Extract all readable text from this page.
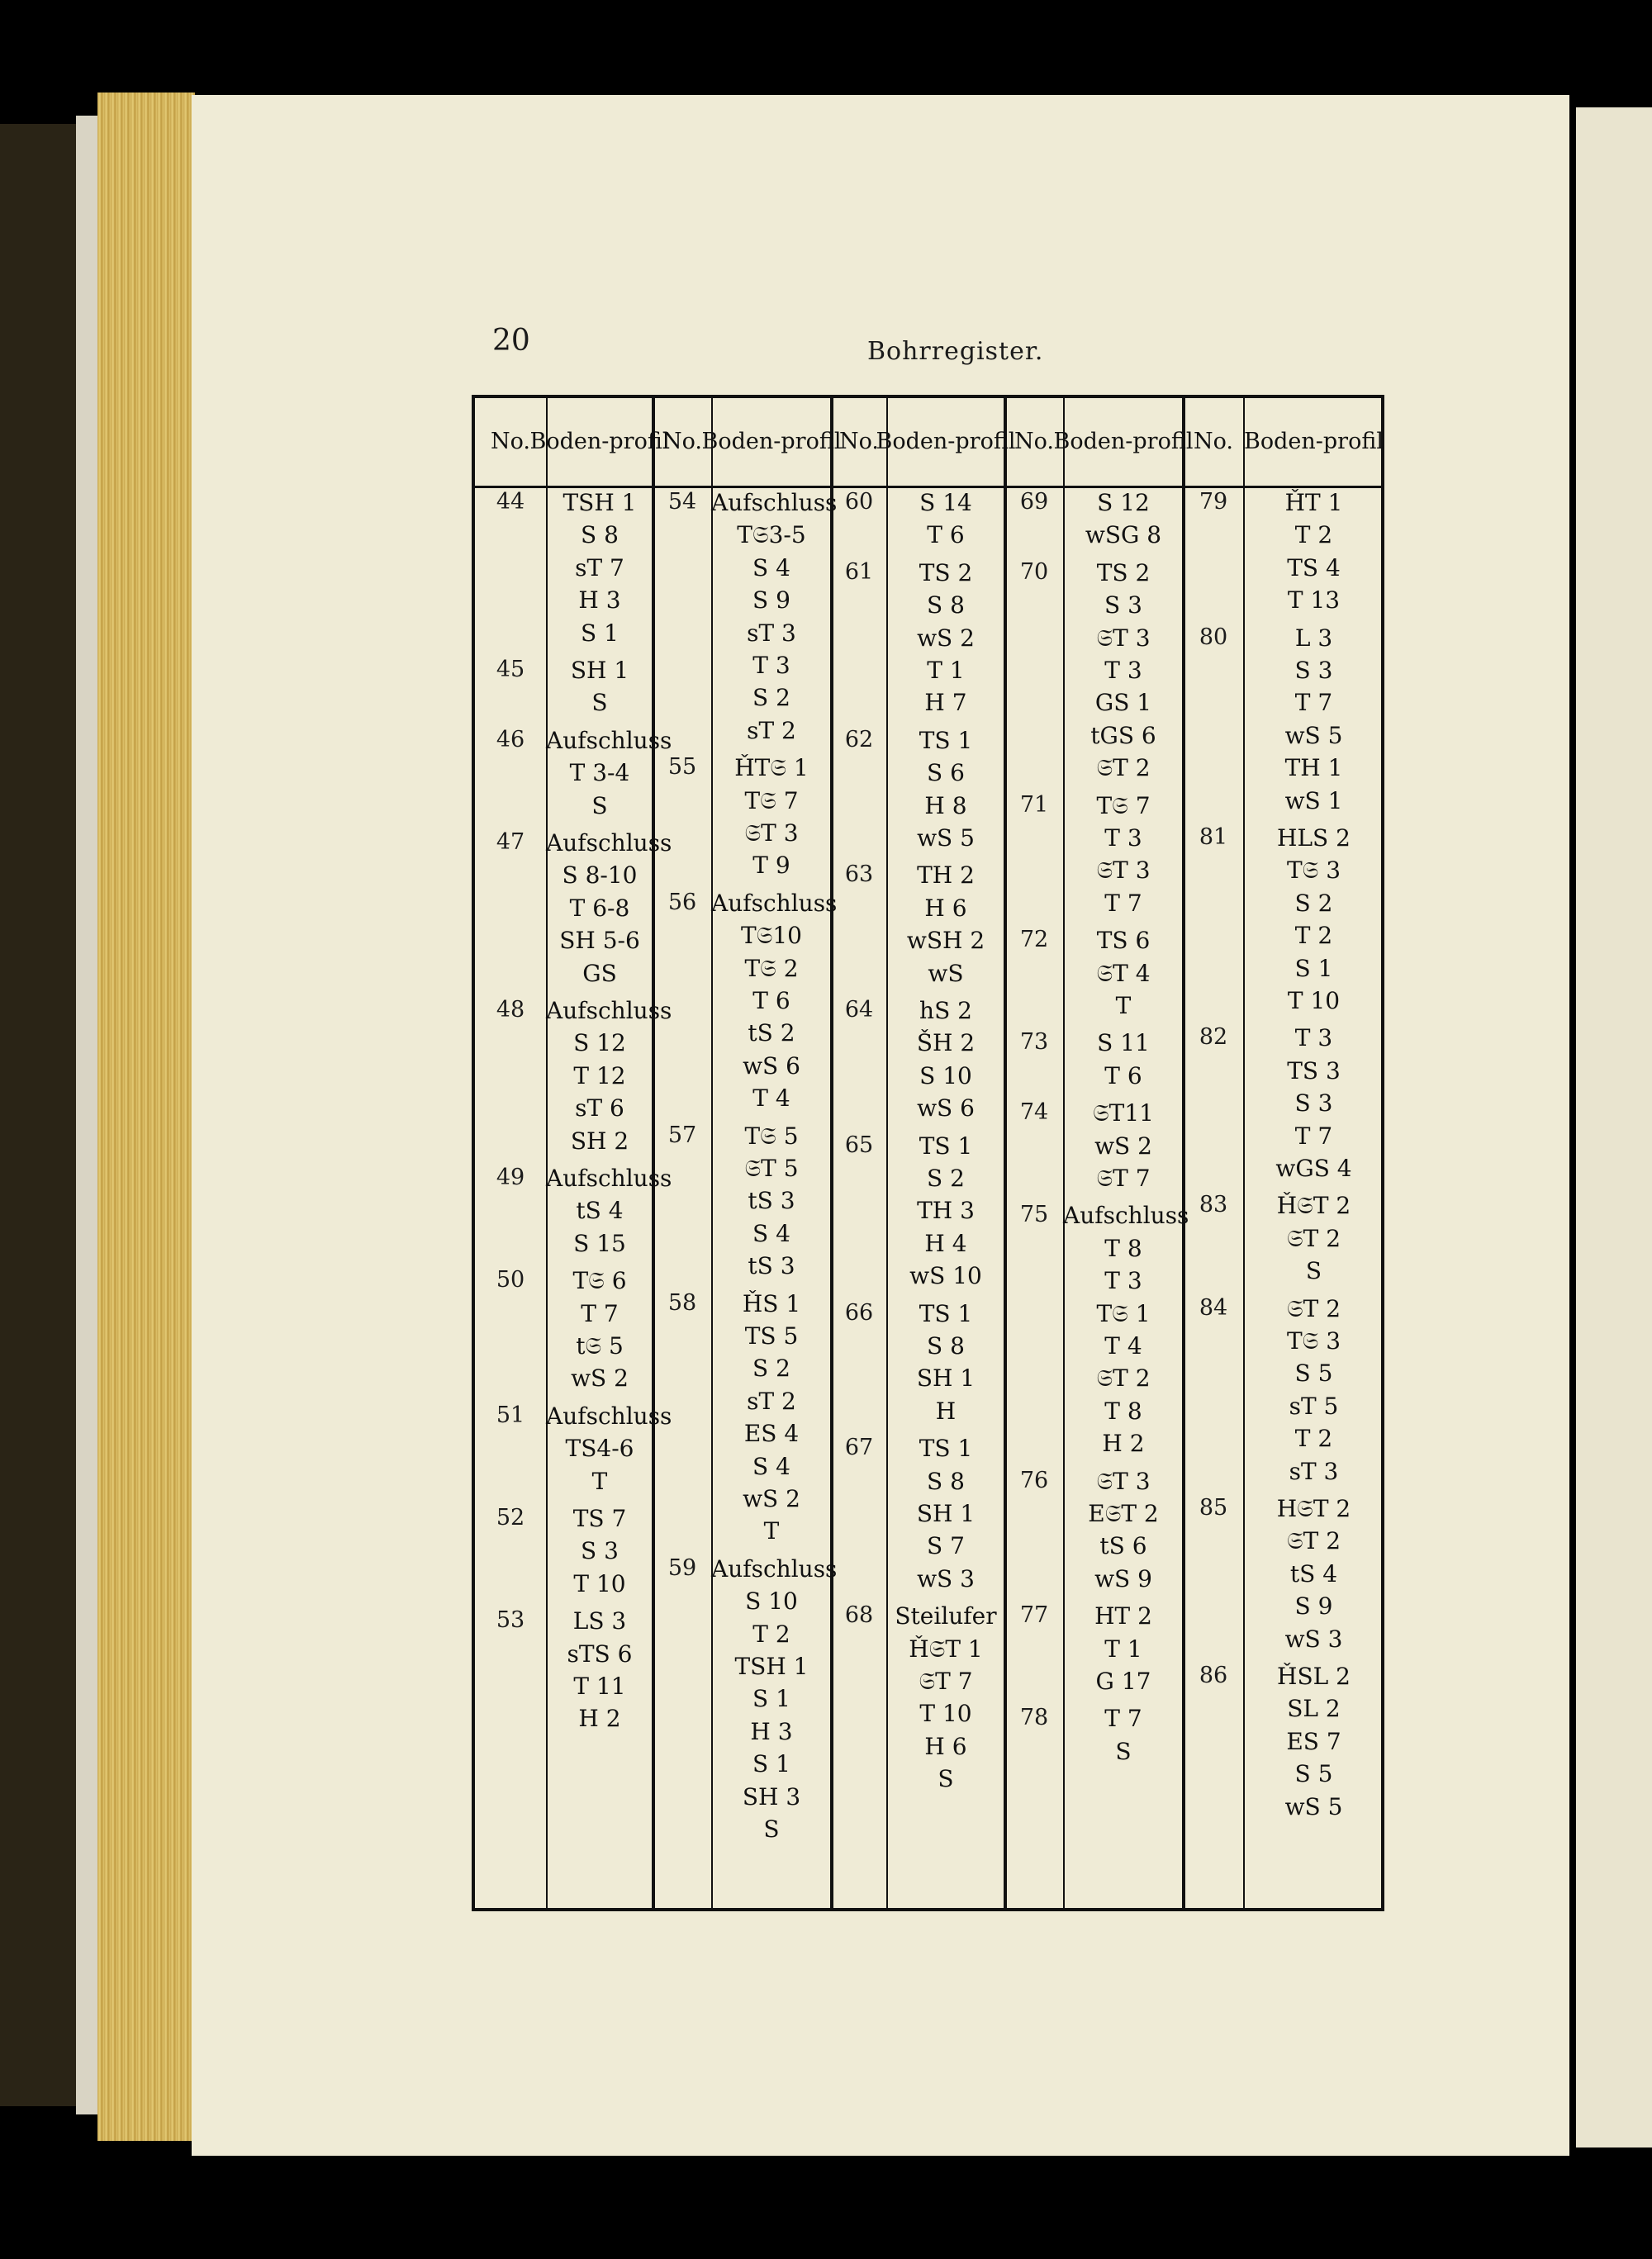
20	Bohrregister.
No. Boden- profil
44	TSH 1
S 8
sT 7
H 3
S 1
45	SH 1
S
46 Aufschluss
T 3-4
S
47 Aufschluss
S 8-10
T 6-8
SH 5-6
GS
48 Aufschluss
S 12
T 12
sT 6
SH 2
49 Aufschluss
tS 4
S 15
50	T𝔖 6
T 7
t𝔖 5
wS 2
51 Aufschluss
TS4-6
T
52	TS 7
S 3
T 10
53	LS 3
sTS 6
T 11
H 2
No. Boden- profil
54 Aufschluss
T𝔖3-5
S 4
S 9
sT 3
T 3
S 2
sT 2
55	ȞT𝔖 1
T𝔖 7
𝔖T 3
T 9
56 Aufschluss
T𝔖10
T𝔖 2
T 6
tS 2
wS 6
T 4
57	T𝔖 5
𝔖T 5
tS 3
S 4
tS 3
58	ȞS 1
TS 5
S 2
sT 2
ES 4
S 4
wS 2
T
59 Aufschluss
S 10
T 2
TSH 1
S 1
H 3
S 1
SH 3
S
No.
Boden- profil
60	S 14
T 6
61	TS 2
S 8
wS 2
T 1
H 7
62	TS 1
S 6
H 8
wS 5
63	TH 2
H 6
wSH 2
wS
64	hS 2
ŠH 2
S 10
wS 6
65	TS 1
S 2
TH 3
H 4
wS 10
66	TS 1
S 8
SH 1
H
67	TS 1
S 8
SH 1
S 7
wS 3
68 Steilufer
Ȟ𝔖T 1
𝔖T 7
T 10
H 6
S
No. Boden- profil
69	S 12
wSG 8
70	TS 2
S 3
𝔖T 3
T 3
GS 1
tGS 6
𝔖T 2
71	T𝔖 7
T 3
𝔖T 3
T 7
72	TS 6
𝔖T 4
T
73	S 11
T 6
74	𝔖T11
wS 2
𝔖T 7
75 Aufschluss
T 8
T 3
T𝔖 1
T 4
𝔖T 2
T 8
H 2
76	𝔖T 3
E𝔖T 2
tS 6
wS 9
77	HT 2
T 1
G 17
78	T 7
S
No. Boden- profil
79	ȞT 1
T 2
TS 4
T 13
80	L 3
S 3
T 7
wS 5
TH 1
wS 1
81	HLS 2
T𝔖 3
S 2
T 2
S 1
T 10
82	T 3
TS 3
S 3
T 7
wGS 4
83	Ȟ𝔖T 2
𝔖T 2
S
84	𝔖T 2
T𝔖 3
S 5
sT 5
T 2
sT 3
85	H𝔖T 2
𝔖T 2
tS 4
S 9
wS 3
86	ȞSL 2
SL 2
ES 7
S 5
wS 5
